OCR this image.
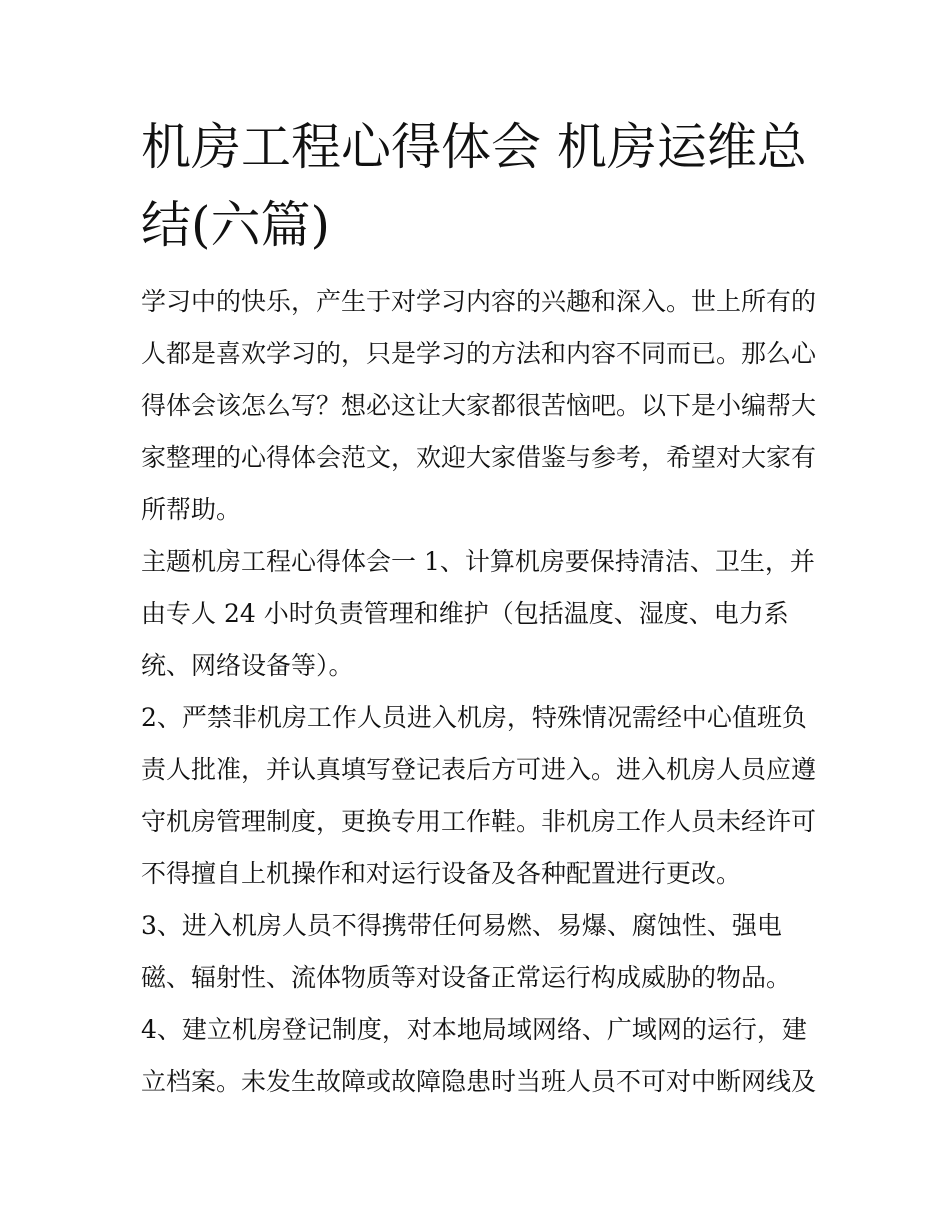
机房工程心得体会 机房运维总结(六篇)

学习中的快乐，产生于对学习内容的兴趣和深入。世上所有的人都是喜欢学习的，只是学习的方法和内容不同而已。那么心得体会该怎么写？想必这让大家都很苦恼吧。以下是小编帮大家整理的心得体会范文，欢迎大家借鉴与参考，希望对大家有所帮助。

主题机房工程心得体会一 1、计算机房要保持清洁、卫生，并由专人 24 小时负责管理和维护（包括温度、湿度、电力系统、网络设备等）。

2、严禁非机房工作人员进入机房，特殊情况需经中心值班负责人批准，并认真填写登记表后方可进入。进入机房人员应遵守机房管理制度，更换专用工作鞋。非机房工作人员未经许可不得擅自上机操作和对运行设备及各种配置进行更改。

3、进入机房人员不得携带任何易燃、易爆、腐蚀性、强电磁、辐射性、流体物质等对设备正常运行构成威胁的物品。

4、建立机房登记制度，对本地局域网络、广域网的运行，建立档案。未发生故障或故障隐患时当班人员不可对中断网线及
